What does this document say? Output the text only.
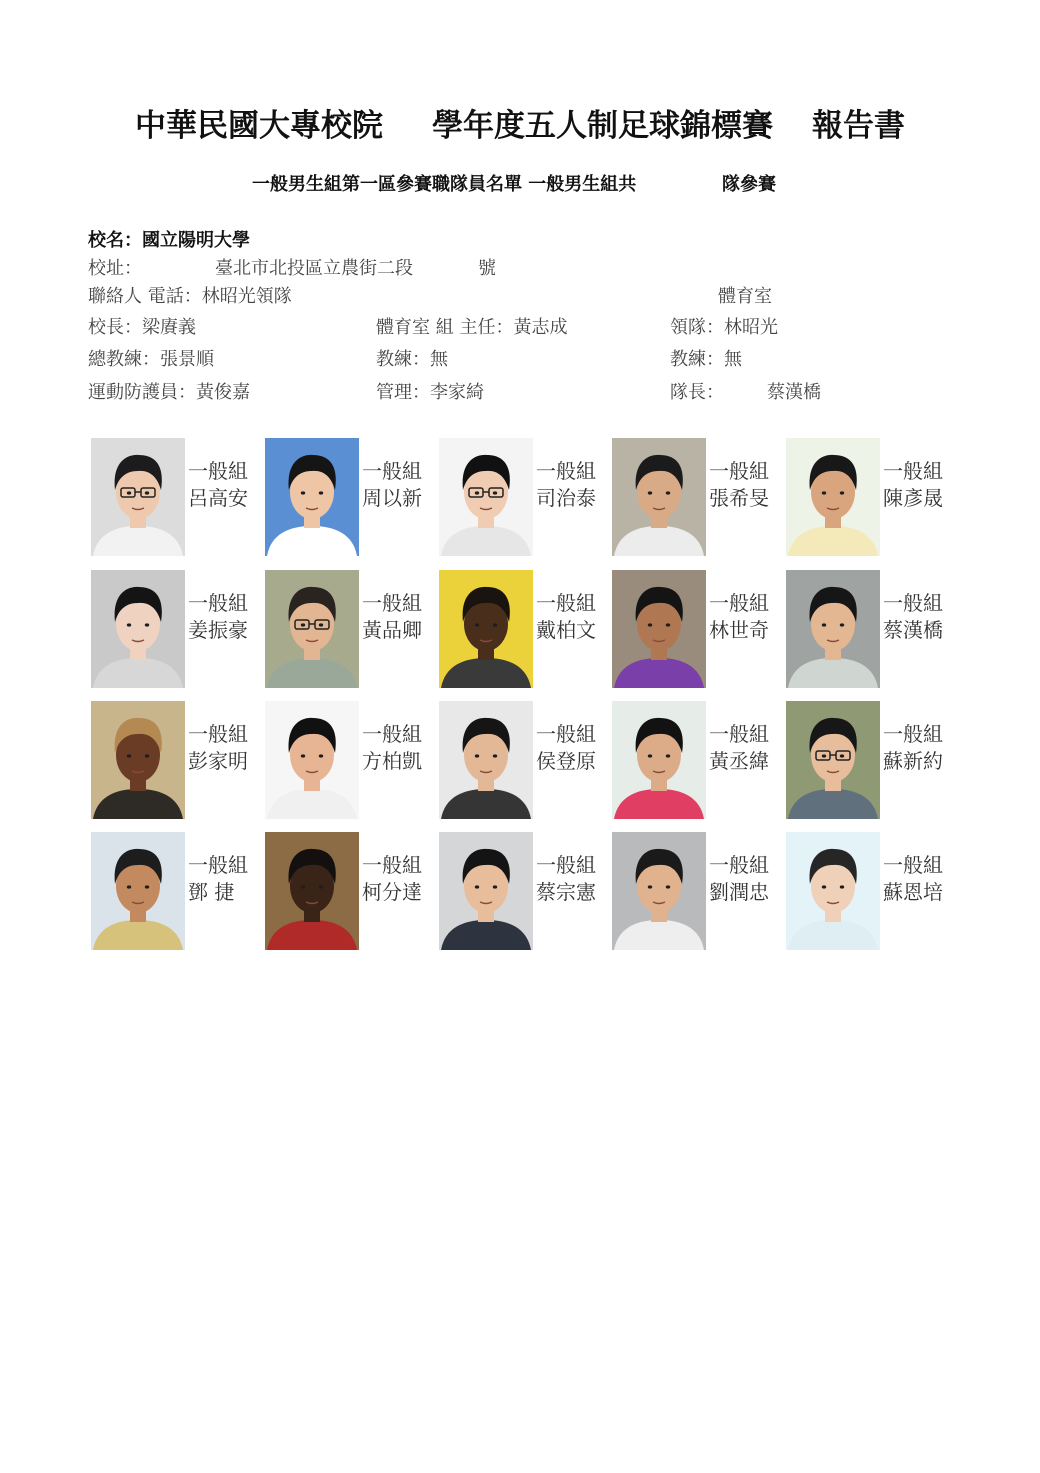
中華民國大專校院 學年度五人制足球錦標賽 報告書
一般男生組第一區參賽職隊員名單 一般男生組共	隊參賽
校名：國立陽明大學
校址：	臺北市北投區立農街二段	號
聯絡人 電話：林昭光領隊	體育室
校長：梁賡義	體育室 組 主任：黃志成	領隊：林昭光
總教練：張景順	教練：無	教練：無
運動防護員：黃俊嘉	管理：李家綺	隊長： 蔡漢橋
一般組
呂高安
一般組
周以新
一般組
司治泰
一般組
張希旻
一般組
陳彥晟
一般組
姜振豪
一般組
黃品卿
一般組
戴柏文
一般組
林世奇
一般組
蔡漢橋
一般組
彭家明
一般組
方柏凱
一般組
侯登原
一般組
黃丞緯
一般組
蘇新約
一般組
鄧 捷
一般組
柯分達
一般組
蔡宗憲
一般組
劉潤忠
一般組
蘇恩培
